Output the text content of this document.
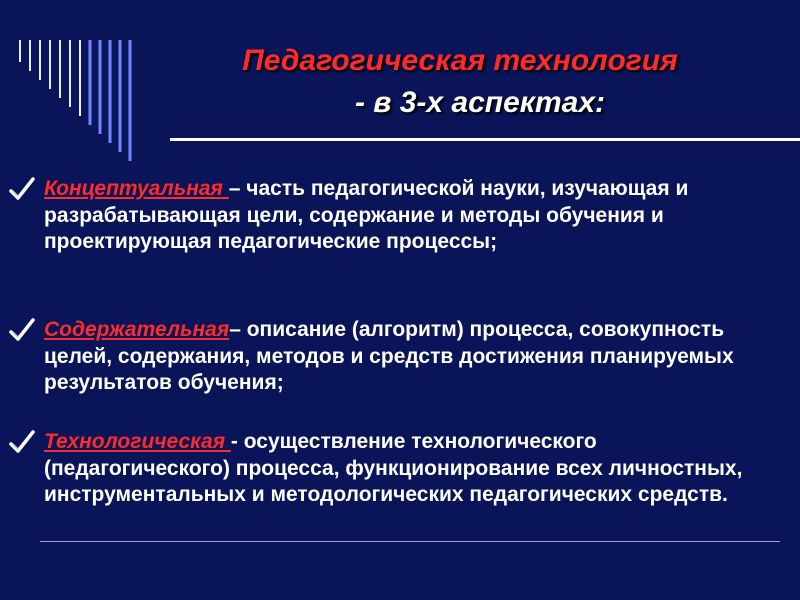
Педагогическая технология
- в 3-х аспектах:

Концептуальная – часть педагогической науки, изучающая и разрабатывающая цели, содержание и методы обучения и проектирующая педагогические процессы;

Содержательная– описание (алгоритм) процесса, совокупность целей, содержания, методов и средств достижения планируемых результатов обучения;

Технологическая - осуществление технологического (педагогического) процесса, функционирование всех личностных, инструментальных и методологических педагогических средств.
